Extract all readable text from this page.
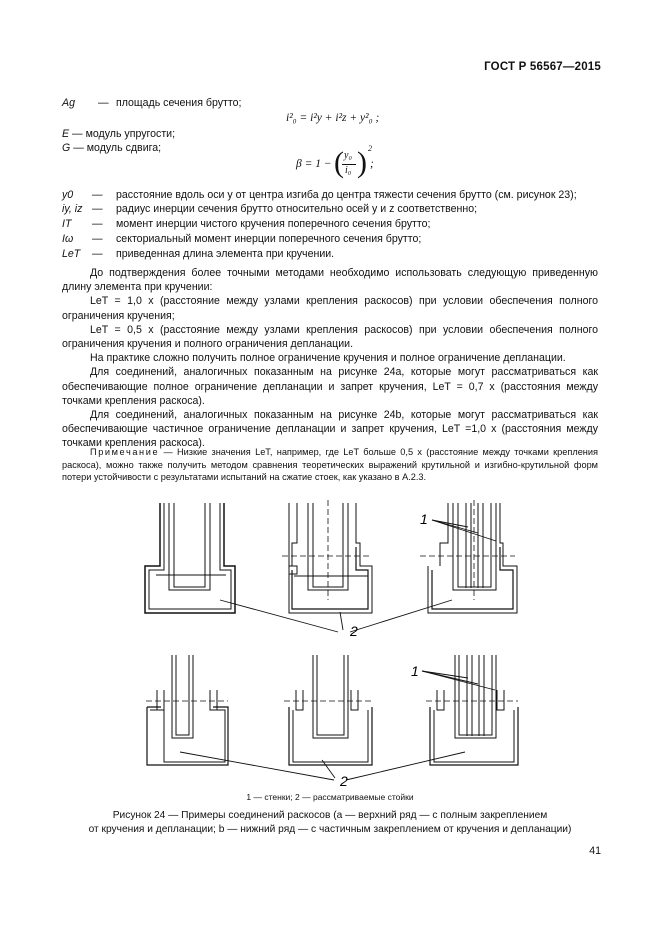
ГОСТ Р 56567—2015
i²₀ = i²y + i²z + y²₀ ;
β = 1 − ( y₀
i₀ ) 2
;
Ag — площадь сечения брутто;
E — модуль упругости;
G — модуль сдвига;
y0 — расстояние вдоль оси y от центра изгиба до центра тяжести сечения брутто (см. рисунок 23);
iy, iz — радиус инерции сечения брутто относительно осей y и z соответственно;
IT — момент инерции чистого кручения поперечного сечения брутто;
Iω — секториальный момент инерции поперечного сечения брутто;
LeT — приведенная длина элемента при кручении.

До подтверждения более точными методами необходимо использовать следующую приведенную длину элемента при кручении:

LeT = 1,0 x (расстояние между узлами крепления раскосов) при условии обеспечения полного ограничения кручения;

LeT = 0,5 x (расстояние между узлами крепления раскосов) при условии обеспечения полного ограничения кручения и полного ограничения депланации.

На практике сложно получить полное ограничение кручения и полное ограничение депланации.

Для соединений, аналогичных показанным на рисунке 24a, которые могут рассматриваться как обеспечивающие полное ограничение депланации и запрет кручения, LeT = 0,7 x (расстояния между точками крепления раскоса).

Для соединений, аналогичных показанным на рисунке 24b, которые могут рассматриваться как обеспечивающие частичное ограничение депланации и запрет кручения, LeT =1,0 x (расстояния между точками крепления раскоса).

Примечание — Низкие значения LeT, например, где LeT больше 0,5 x (расстояние между точками крепления раскоса), можно также получить методом сравнения теоретических выражений крутильной и изгибно-крутильной форм потери устойчивости с результатами испытаний на сжатие стоек, как указано в А.2.3.

1
2
1
2
1 — стенки; 2 — рассматриваемые стойки
Рисунок 24 — Примеры соединений раскосов (а — верхний ряд — с полным закреплением
от кручения и депланации; b — нижний ряд — с частичным закреплением от кручения и депланации)
41
